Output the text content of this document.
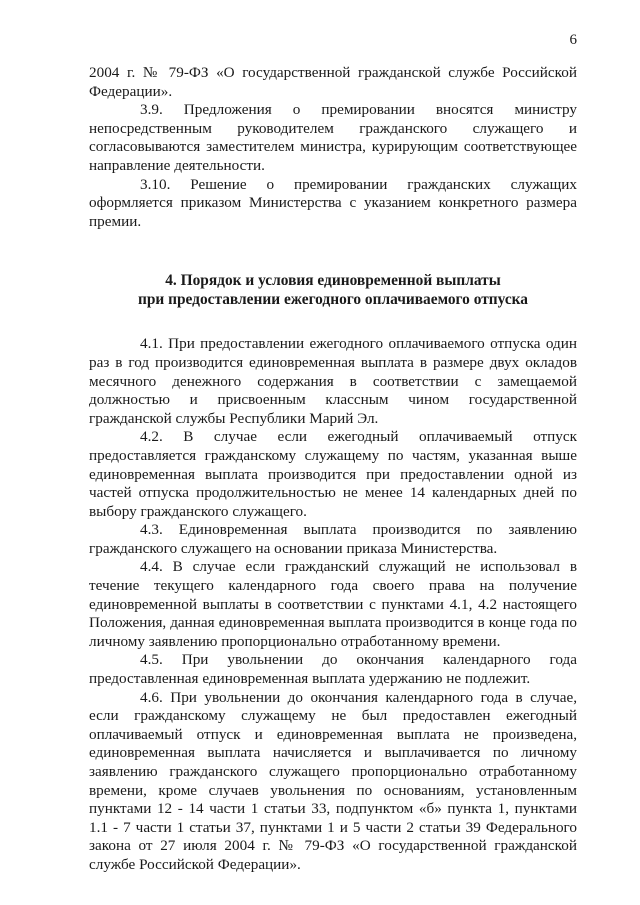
6

2004 г. № 79-ФЗ «О государственной гражданской службе Российской Федерации».

3.9. Предложения о премировании вносятся министру непосредственным руководителем гражданского служащего и согласовываются заместителем министра, курирующим соответствующее направление деятельности.

3.10. Решение о премировании гражданских служащих оформляется приказом Министерства с указанием конкретного размера премии.

4. Порядок и условия единовременной выплаты
при предоставлении ежегодного оплачиваемого отпуска

4.1. При предоставлении ежегодного оплачиваемого отпуска один раз в год производится единовременная выплата в размере двух окладов месячного денежного содержания в соответствии с замещаемой должностью и присвоенным классным чином государственной гражданской службы Республики Марий Эл.

4.2. В случае если ежегодный оплачиваемый отпуск предоставляется гражданскому служащему по частям, указанная выше единовременная выплата производится при предоставлении одной из частей отпуска продолжительностью не менее 14 календарных дней по выбору гражданского служащего.

4.3. Единовременная выплата производится по заявлению гражданского служащего на основании приказа Министерства.

4.4. В случае если гражданский служащий не использовал в течение текущего календарного года своего права на получение единовременной выплаты в соответствии с пунктами 4.1, 4.2 настоящего Положения, данная единовременная выплата производится в конце года по личному заявлению пропорционально отработанному времени.

4.5. При увольнении до окончания календарного года предоставленная единовременная выплата удержанию не подлежит.

4.6. При увольнении до окончания календарного года в случае, если гражданскому служащему не был предоставлен ежегодный оплачиваемый отпуск и единовременная выплата не произведена, единовременная выплата начисляется и выплачивается по личному заявлению гражданского служащего пропорционально отработанному времени, кроме случаев увольнения по основаниям, установленным пунктами 12 - 14 части 1 статьи 33, подпунктом «б» пункта 1, пунктами 1.1 - 7 части 1 статьи 37, пунктами 1 и 5 части 2 статьи 39 Федерального закона от 27 июля 2004 г. № 79-ФЗ «О государственной гражданской службе Российской Федерации».
